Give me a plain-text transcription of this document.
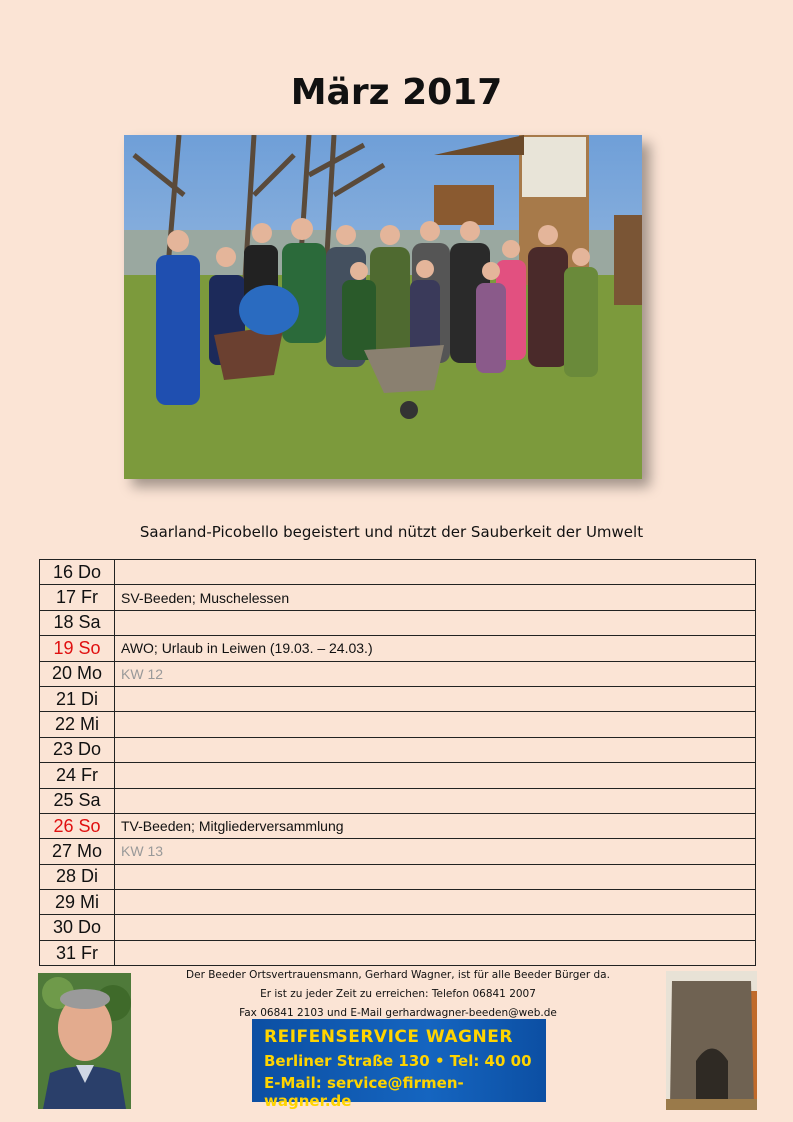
März 2017
Saarland-Picobello begeistert und nützt der Sauberkeit der Umwelt
16 Do	
17 Fr	SV-Beeden; Muschelessen
18 Sa	
19 So	AWO; Urlaub in Leiwen (19.03. – 24.03.)
20 Mo	KW 12
21 Di	
22 Mi	
23 Do	
24 Fr	
25 Sa	
26 So	TV-Beeden; Mitgliederversammlung
27 Mo	KW 13
28 Di	
29 Mi	
30 Do	
31 Fr	
Der Beeder Ortsvertrauensmann, Gerhard Wagner, ist für alle Beeder Bürger da.
Er ist zu jeder Zeit zu erreichen: Telefon 06841 2007
Fax 06841 2103 und E-Mail gerhardwagner-beeden@web.de
REIFENSERVICE WAGNER
Berliner Straße 130 • Tel: 40 00
E-Mail: service@firmen-wagner.de
